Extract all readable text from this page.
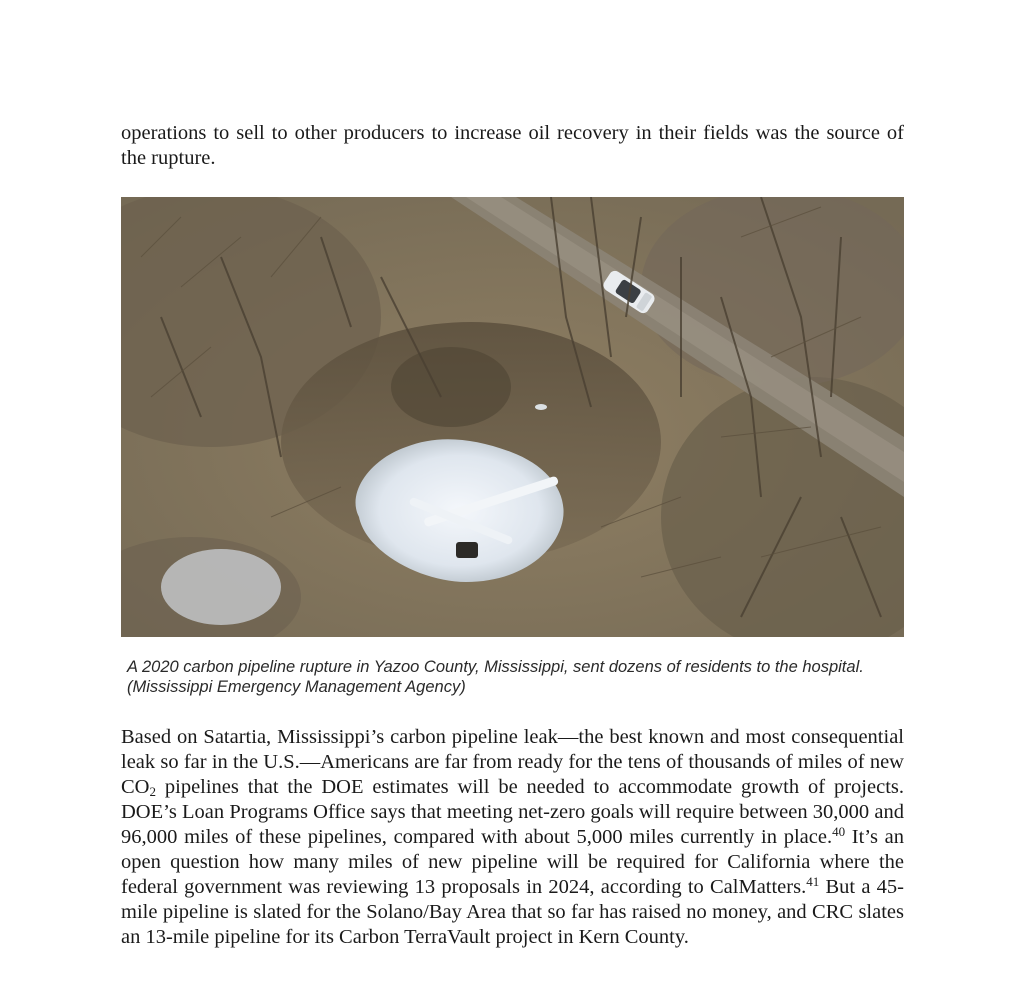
operations to sell to other producers to increase oil recovery in their fields was the source of the rupture.

A 2020 carbon pipeline rupture in Yazoo County, Mississippi, sent dozens of residents to the hospital. (Mississippi Emergency Management Agency)

Based on Satartia, Mississippi’s carbon pipeline leak—the best known and most consequential leak so far in the U.S.—Americans are far from ready for the tens of thousands of miles of new $CO_2$ pipelines that the DOE estimates will be needed to accommodate growth of projects. DOE’s Loan Programs Office says that meeting net-zero goals will require between 30,000 and 96,000 miles of these pipelines, compared with about 5,000 miles currently in place.$^{40}$ It’s an open question how many miles of new pipeline will be required for California where the federal government was reviewing 13 proposals in 2024, according to CalMatters.$^{41}$ But a 45-mile pipeline is slated for the Solano/Bay Area that so far has raised no money, and CRC slates an 13-mile pipeline for its Carbon TerraVault project in Kern County.
